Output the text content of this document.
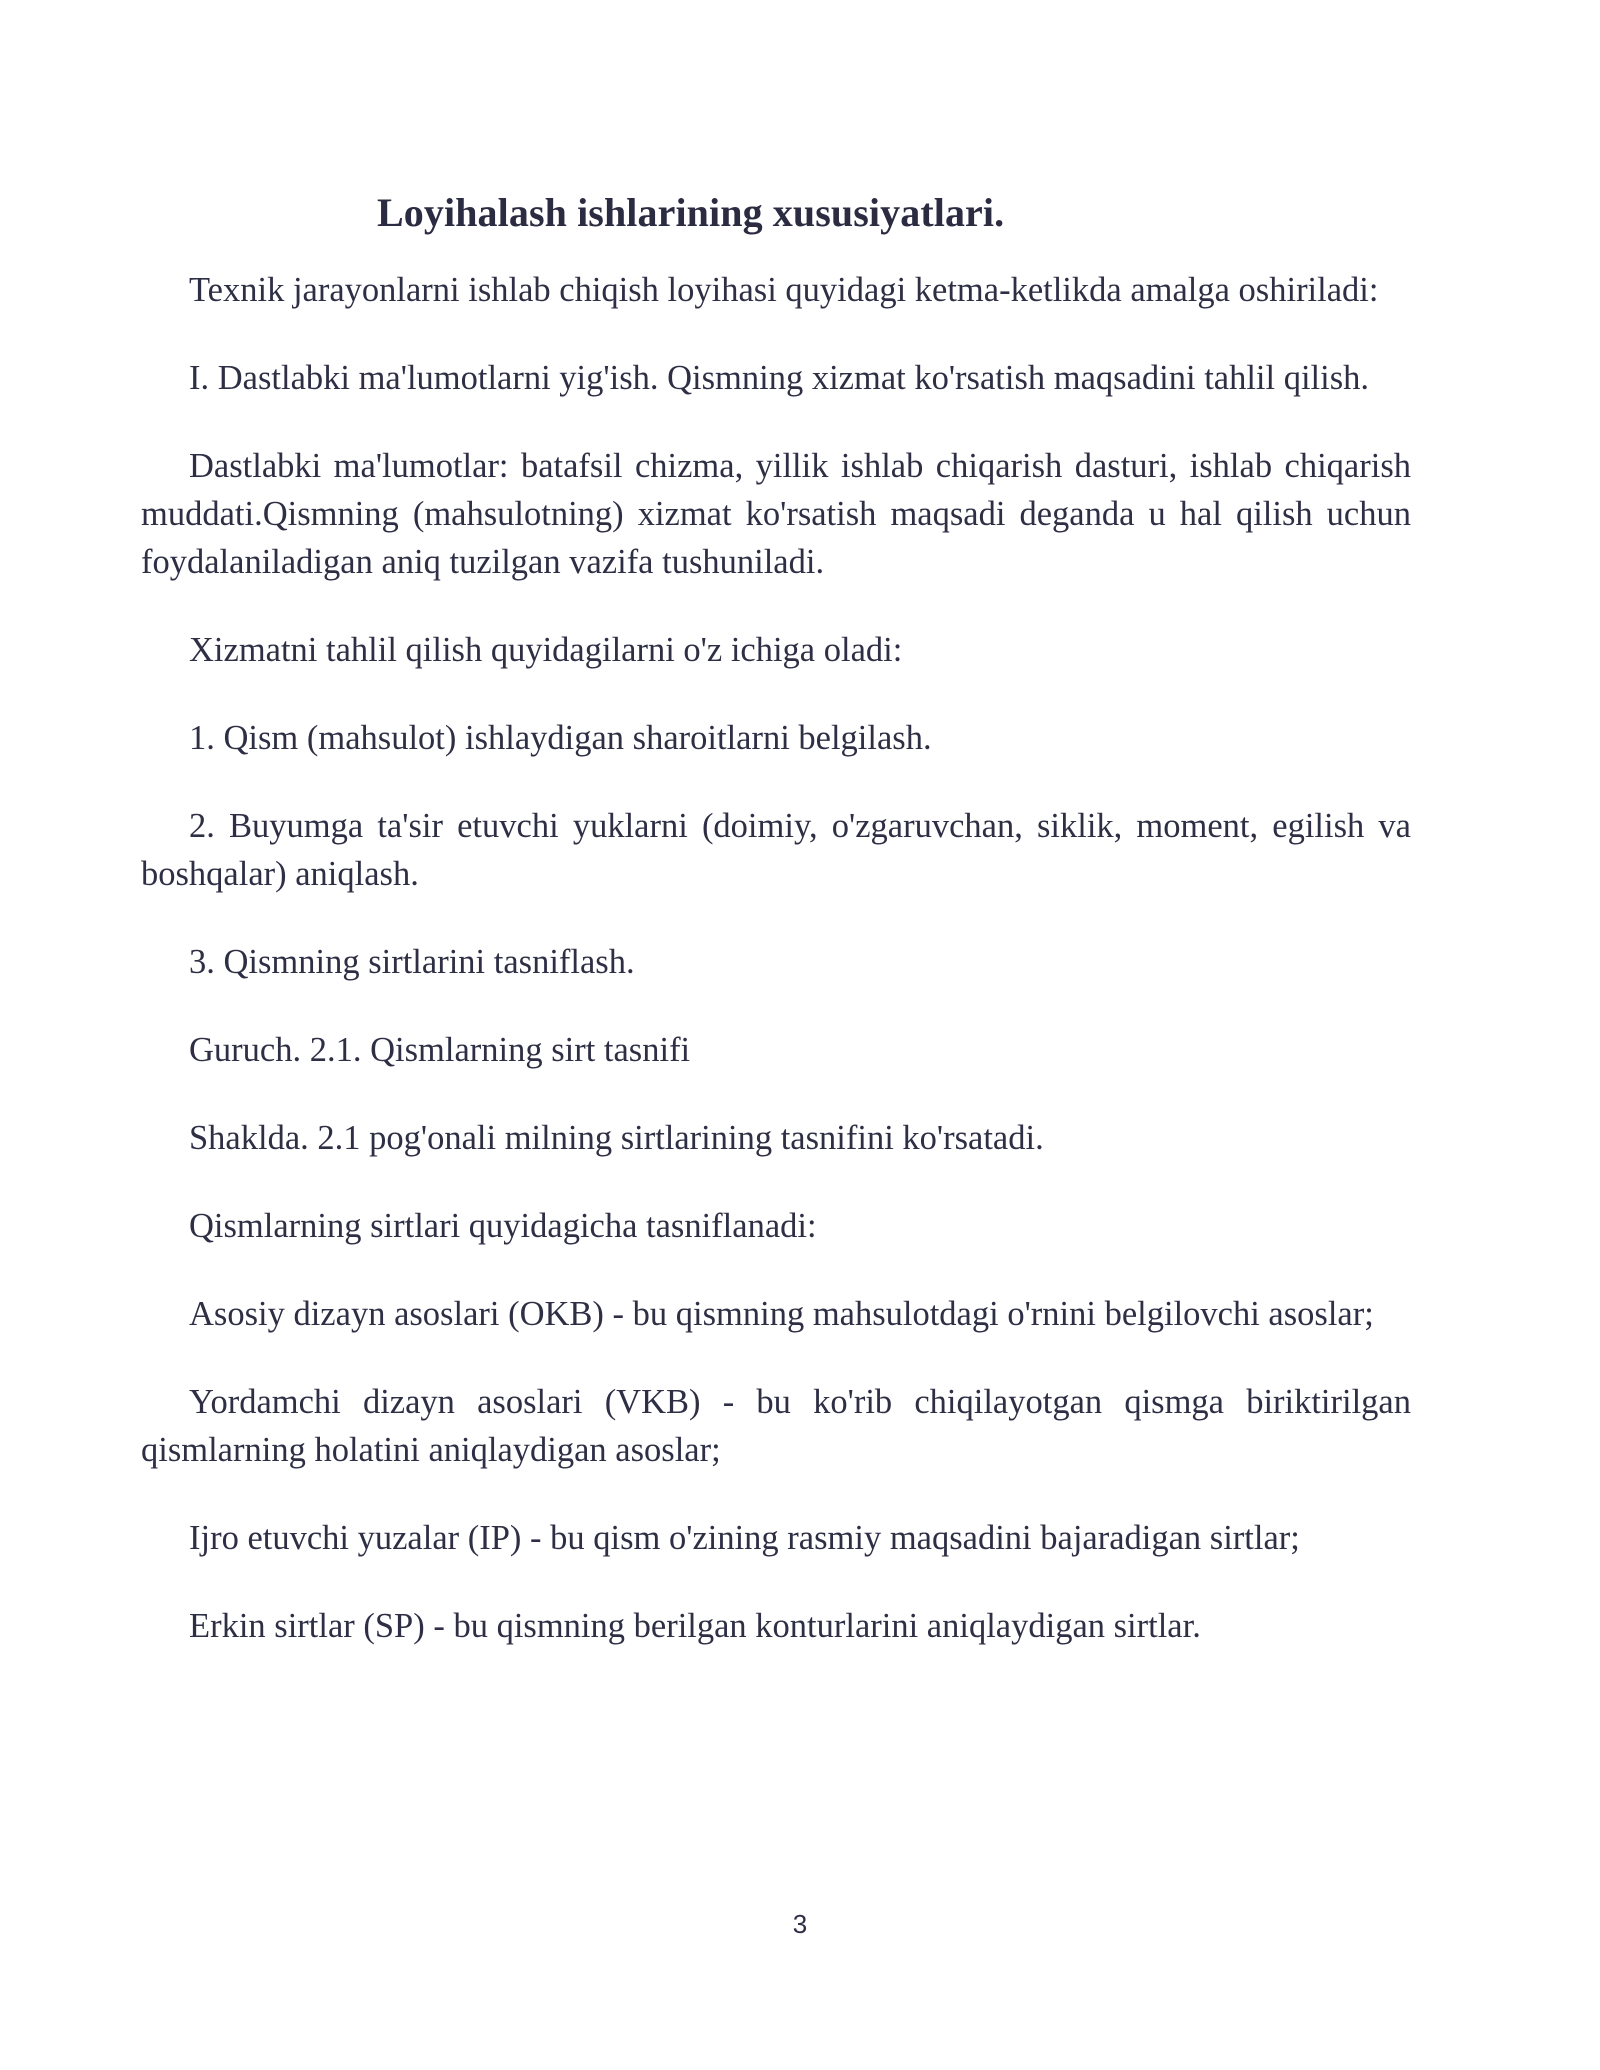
Loyihalash ishlarining xususiyatlari.

Texnik jarayonlarni ishlab chiqish loyihasi quyidagi ketma-ketlikda amalga oshiriladi:

I. Dastlabki ma'lumotlarni yig'ish. Qismning xizmat ko'rsatish maqsadini tahlil qilish.

Dastlabki ma'lumotlar: batafsil chizma, yillik ishlab chiqarish dasturi, ishlab chiqarish muddati.Qismning (mahsulotning) xizmat ko'rsatish maqsadi deganda u hal qilish uchun foydalaniladigan aniq tuzilgan vazifa tushuniladi.

Xizmatni tahlil qilish quyidagilarni o'z ichiga oladi:

1. Qism (mahsulot) ishlaydigan sharoitlarni belgilash.

2. Buyumga ta'sir etuvchi yuklarni (doimiy, o'zgaruvchan, siklik, moment, egilish va boshqalar) aniqlash.

3. Qismning sirtlarini tasniflash.

Guruch. 2.1. Qismlarning sirt tasnifi

Shaklda. 2.1 pog'onali milning sirtlarining tasnifini ko'rsatadi.

Qismlarning sirtlari quyidagicha tasniflanadi:

Asosiy dizayn asoslari (OKB) - bu qismning mahsulotdagi o'rnini belgilovchi asoslar;

Yordamchi dizayn asoslari (VKB) - bu ko'rib chiqilayotgan qismga biriktirilgan qismlarning holatini aniqlaydigan asoslar;

Ijro etuvchi yuzalar (IP) - bu qism o'zining rasmiy maqsadini bajaradigan sirtlar;

Erkin sirtlar (SP) - bu qismning berilgan konturlarini aniqlaydigan sirtlar.

3
